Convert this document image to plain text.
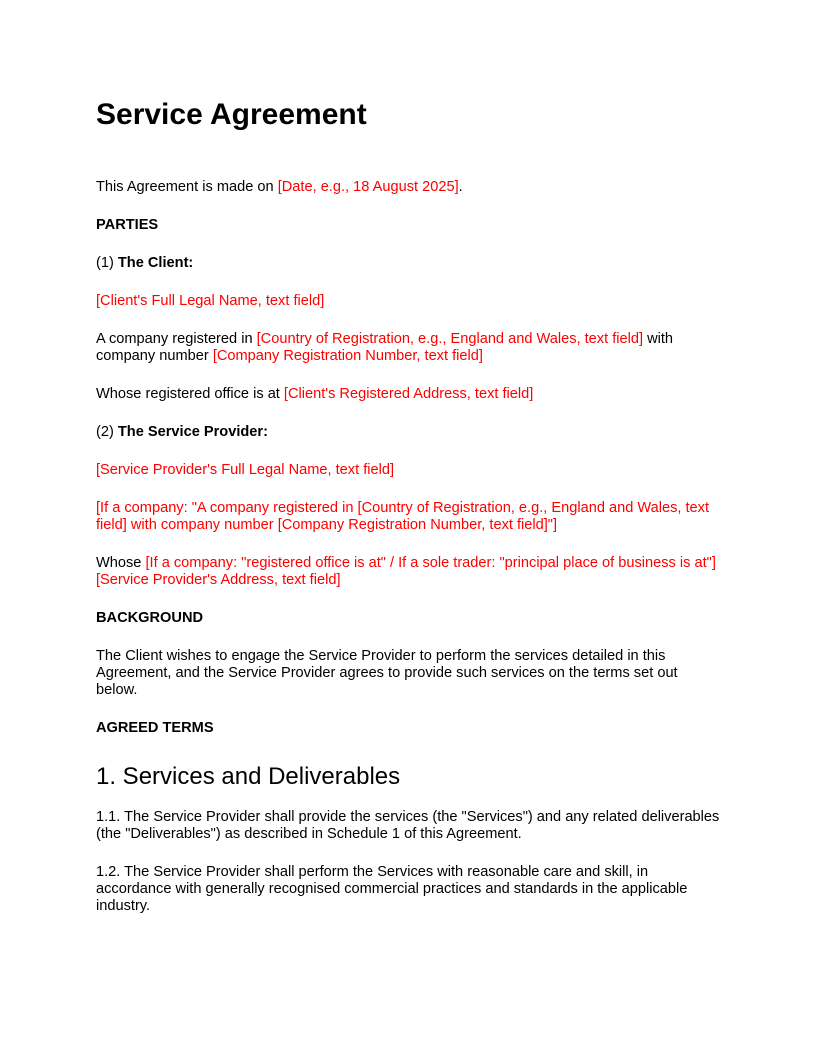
Service Agreement

This Agreement is made on [Date, e.g., 18 August 2025].

PARTIES

(1) The Client:

[Client's Full Legal Name, text field]

A company registered in [Country of Registration, e.g., England and Wales, text field] with company number [Company Registration Number, text field]

Whose registered office is at [Client's Registered Address, text field]

(2) The Service Provider:

[Service Provider's Full Legal Name, text field]

[If a company: "A company registered in [Country of Registration, e.g., England and Wales, text field] with company number [Company Registration Number, text field]"]

Whose [If a company: "registered office is at" / If a sole trader: "principal place of business is at"] [Service Provider's Address, text field]

BACKGROUND

The Client wishes to engage the Service Provider to perform the services detailed in this Agreement, and the Service Provider agrees to provide such services on the terms set out below.

AGREED TERMS

1. Services and Deliverables

1.1. The Service Provider shall provide the services (the "Services") and any related deliverables (the "Deliverables") as described in Schedule 1 of this Agreement.

1.2. The Service Provider shall perform the Services with reasonable care and skill, in accordance with generally recognised commercial practices and standards in the applicable industry.
